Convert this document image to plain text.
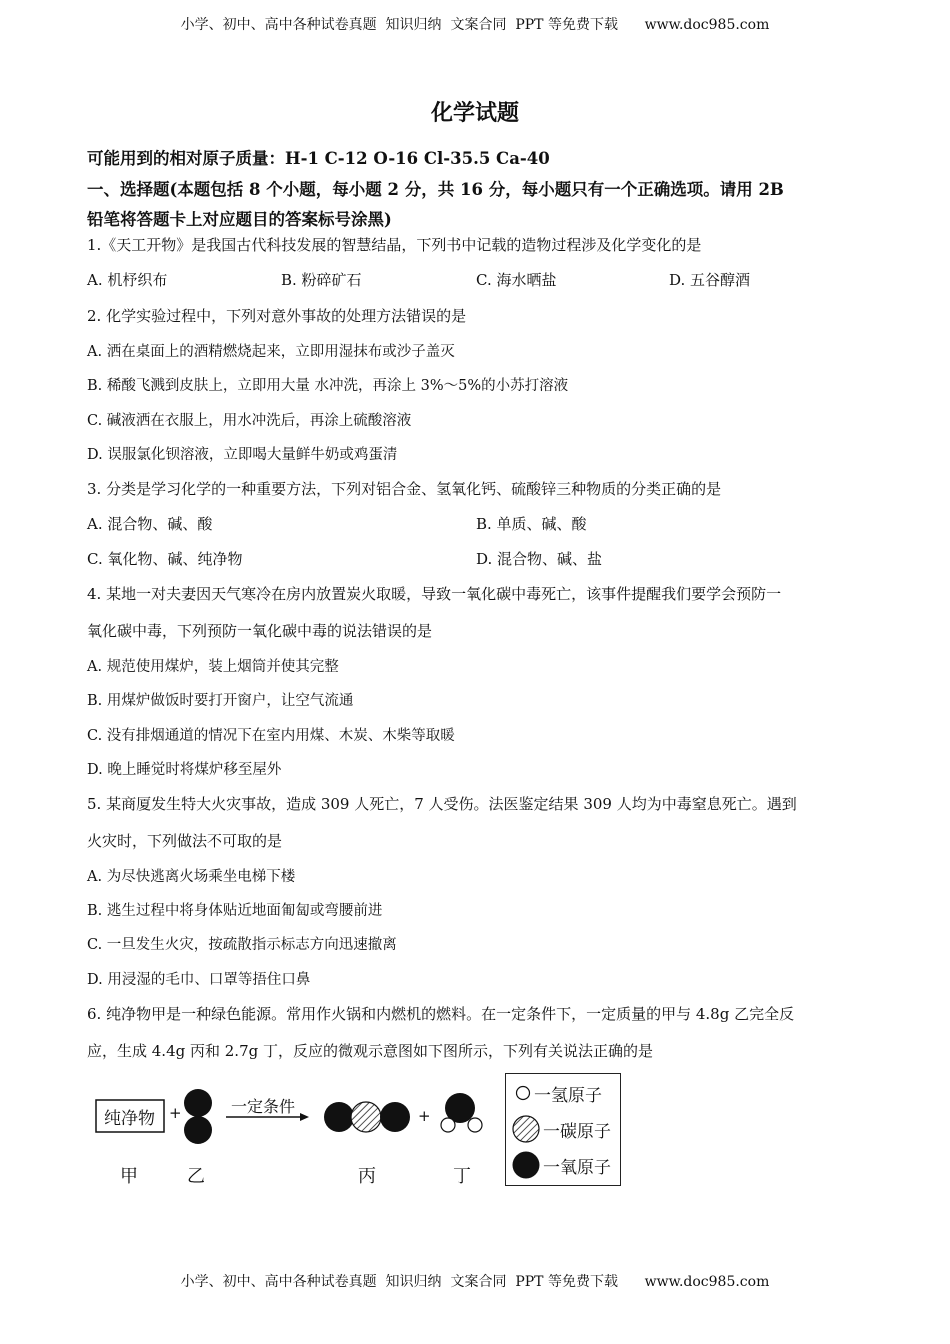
小学、初中、高中各种试卷真题  知识归纳  文案合同  PPT 等免费下载      www.doc985.com
化学试题
可能用到的相对原子质量：H-1 C-12 O-16 Cl-35.5 Ca-40
一、选择题(本题包括 8 个小题，每小题 2 分，共 16 分，每小题只有一个正确选项。请用 2B
铅笔将答题卡上对应题目的答案标号涂黑)
1.《天工开物》是我国古代科技发展的智慧结晶，下列书中记载的造物过程涉及化学变化的是
A. 机杼织布	B. 粉碎矿石	C. 海水晒盐	D. 五谷醇酒
2. 化学实验过程中，下列对意外事故的处理方法错误的是
A. 洒在桌面上的酒精燃烧起来，立即用湿抹布或沙子盖灭
B. 稀酸飞溅到皮肤上，立即用大量 水冲洗，再涂上 3%～5%的小苏打溶液
C. 碱液洒在衣服上，用水冲洗后，再涂上硫酸溶液
D. 误服氯化钡溶液，立即喝大量鲜牛奶或鸡蛋清
3. 分类是学习化学的一种重要方法，下列对铝合金、氢氧化钙、硫酸锌三种物质的分类正确的是
A. 混合物、碱、酸	B. 单质、碱、酸
C. 氧化物、碱、纯净物	D. 混合物、碱、盐
4. 某地一对夫妻因天气寒冷在房内放置炭火取暖，导致一氧化碳中毒死亡，该事件提醒我们要学会预防一
氧化碳中毒，下列预防一氧化碳中毒的说法错误的是
A. 规范使用煤炉，装上烟筒并使其完整
B. 用煤炉做饭时要打开窗户，让空气流通
C. 没有排烟通道的情况下在室内用煤、木炭、木柴等取暖
D. 晚上睡觉时将煤炉移至屋外
5. 某商厦发生特大火灾事故，造成 309 人死亡，7 人受伤。法医鉴定结果 309 人均为中毒窒息死亡。遇到
火灾时，下列做法不可取的是
A. 为尽快逃离火场乘坐电梯下楼
B. 逃生过程中将身体贴近地面匍匐或弯腰前进
C. 一旦发生火灾，按疏散指示标志方向迅速撤离
D. 用浸湿的毛巾、口罩等捂住口鼻
6. 纯净物甲是一种绿色能源。常用作火锅和内燃机的燃料。在一定条件下，一定质量的甲与 4.8g 乙完全反
应，生成 4.4g 丙和 2.7g 丁，反应的微观示意图如下图所示，下列有关说法正确的是
纯净物 +	一定条件	+
甲	乙	丙	丁
一氢原子
一碳原子
一氧原子
小学、初中、高中各种试卷真题  知识归纳  文案合同  PPT 等免费下载      www.doc985.com
